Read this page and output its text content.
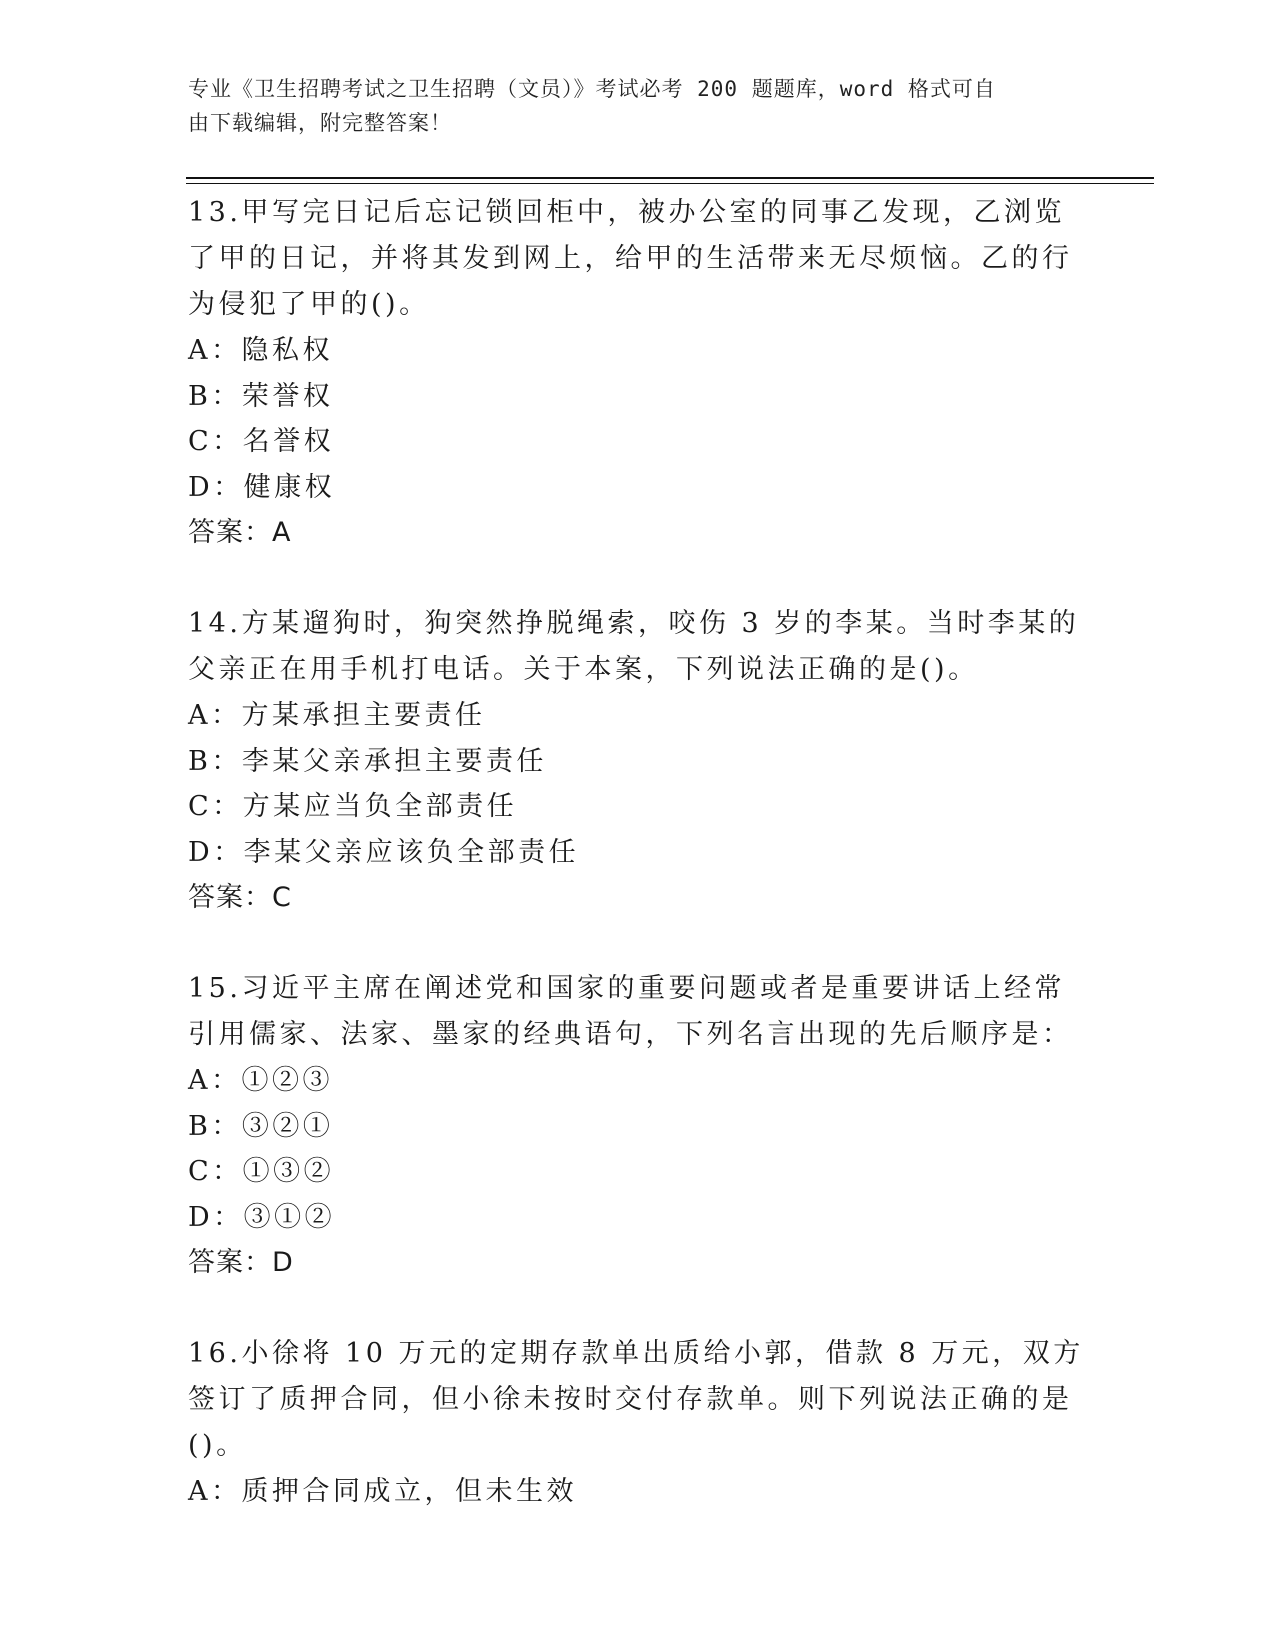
专业《卫生招聘考试之卫生招聘（文员）》考试必考 200 题题库，word 格式可自
由下载编辑，附完整答案！

13.甲写完日记后忘记锁回柜中，被办公室的同事乙发现，乙浏览了甲的日记，并将其发到网上，给甲的生活带来无尽烦恼。乙的行为侵犯了甲的()。

A：隐私权

B：荣誉权

C：名誉权

D：健康权

答案：A

14.方某遛狗时，狗突然挣脱绳索，咬伤 3 岁的李某。当时李某的父亲正在用手机打电话。关于本案，下列说法正确的是()。

A：方某承担主要责任

B：李某父亲承担主要责任

C：方某应当负全部责任

D：李某父亲应该负全部责任

答案：C

15.习近平主席在阐述党和国家的重要问题或者是重要讲话上经常引用儒家、法家、墨家的经典语句，下列名言出现的先后顺序是：

A：①②③

B：③②①

C：①③②

D：③①②

答案：D

16.小徐将 10 万元的定期存款单出质给小郭，借款 8 万元，双方签订了质押合同，但小徐未按时交付存款单。则下列说法正确的是()。

A：质押合同成立，但未生效
